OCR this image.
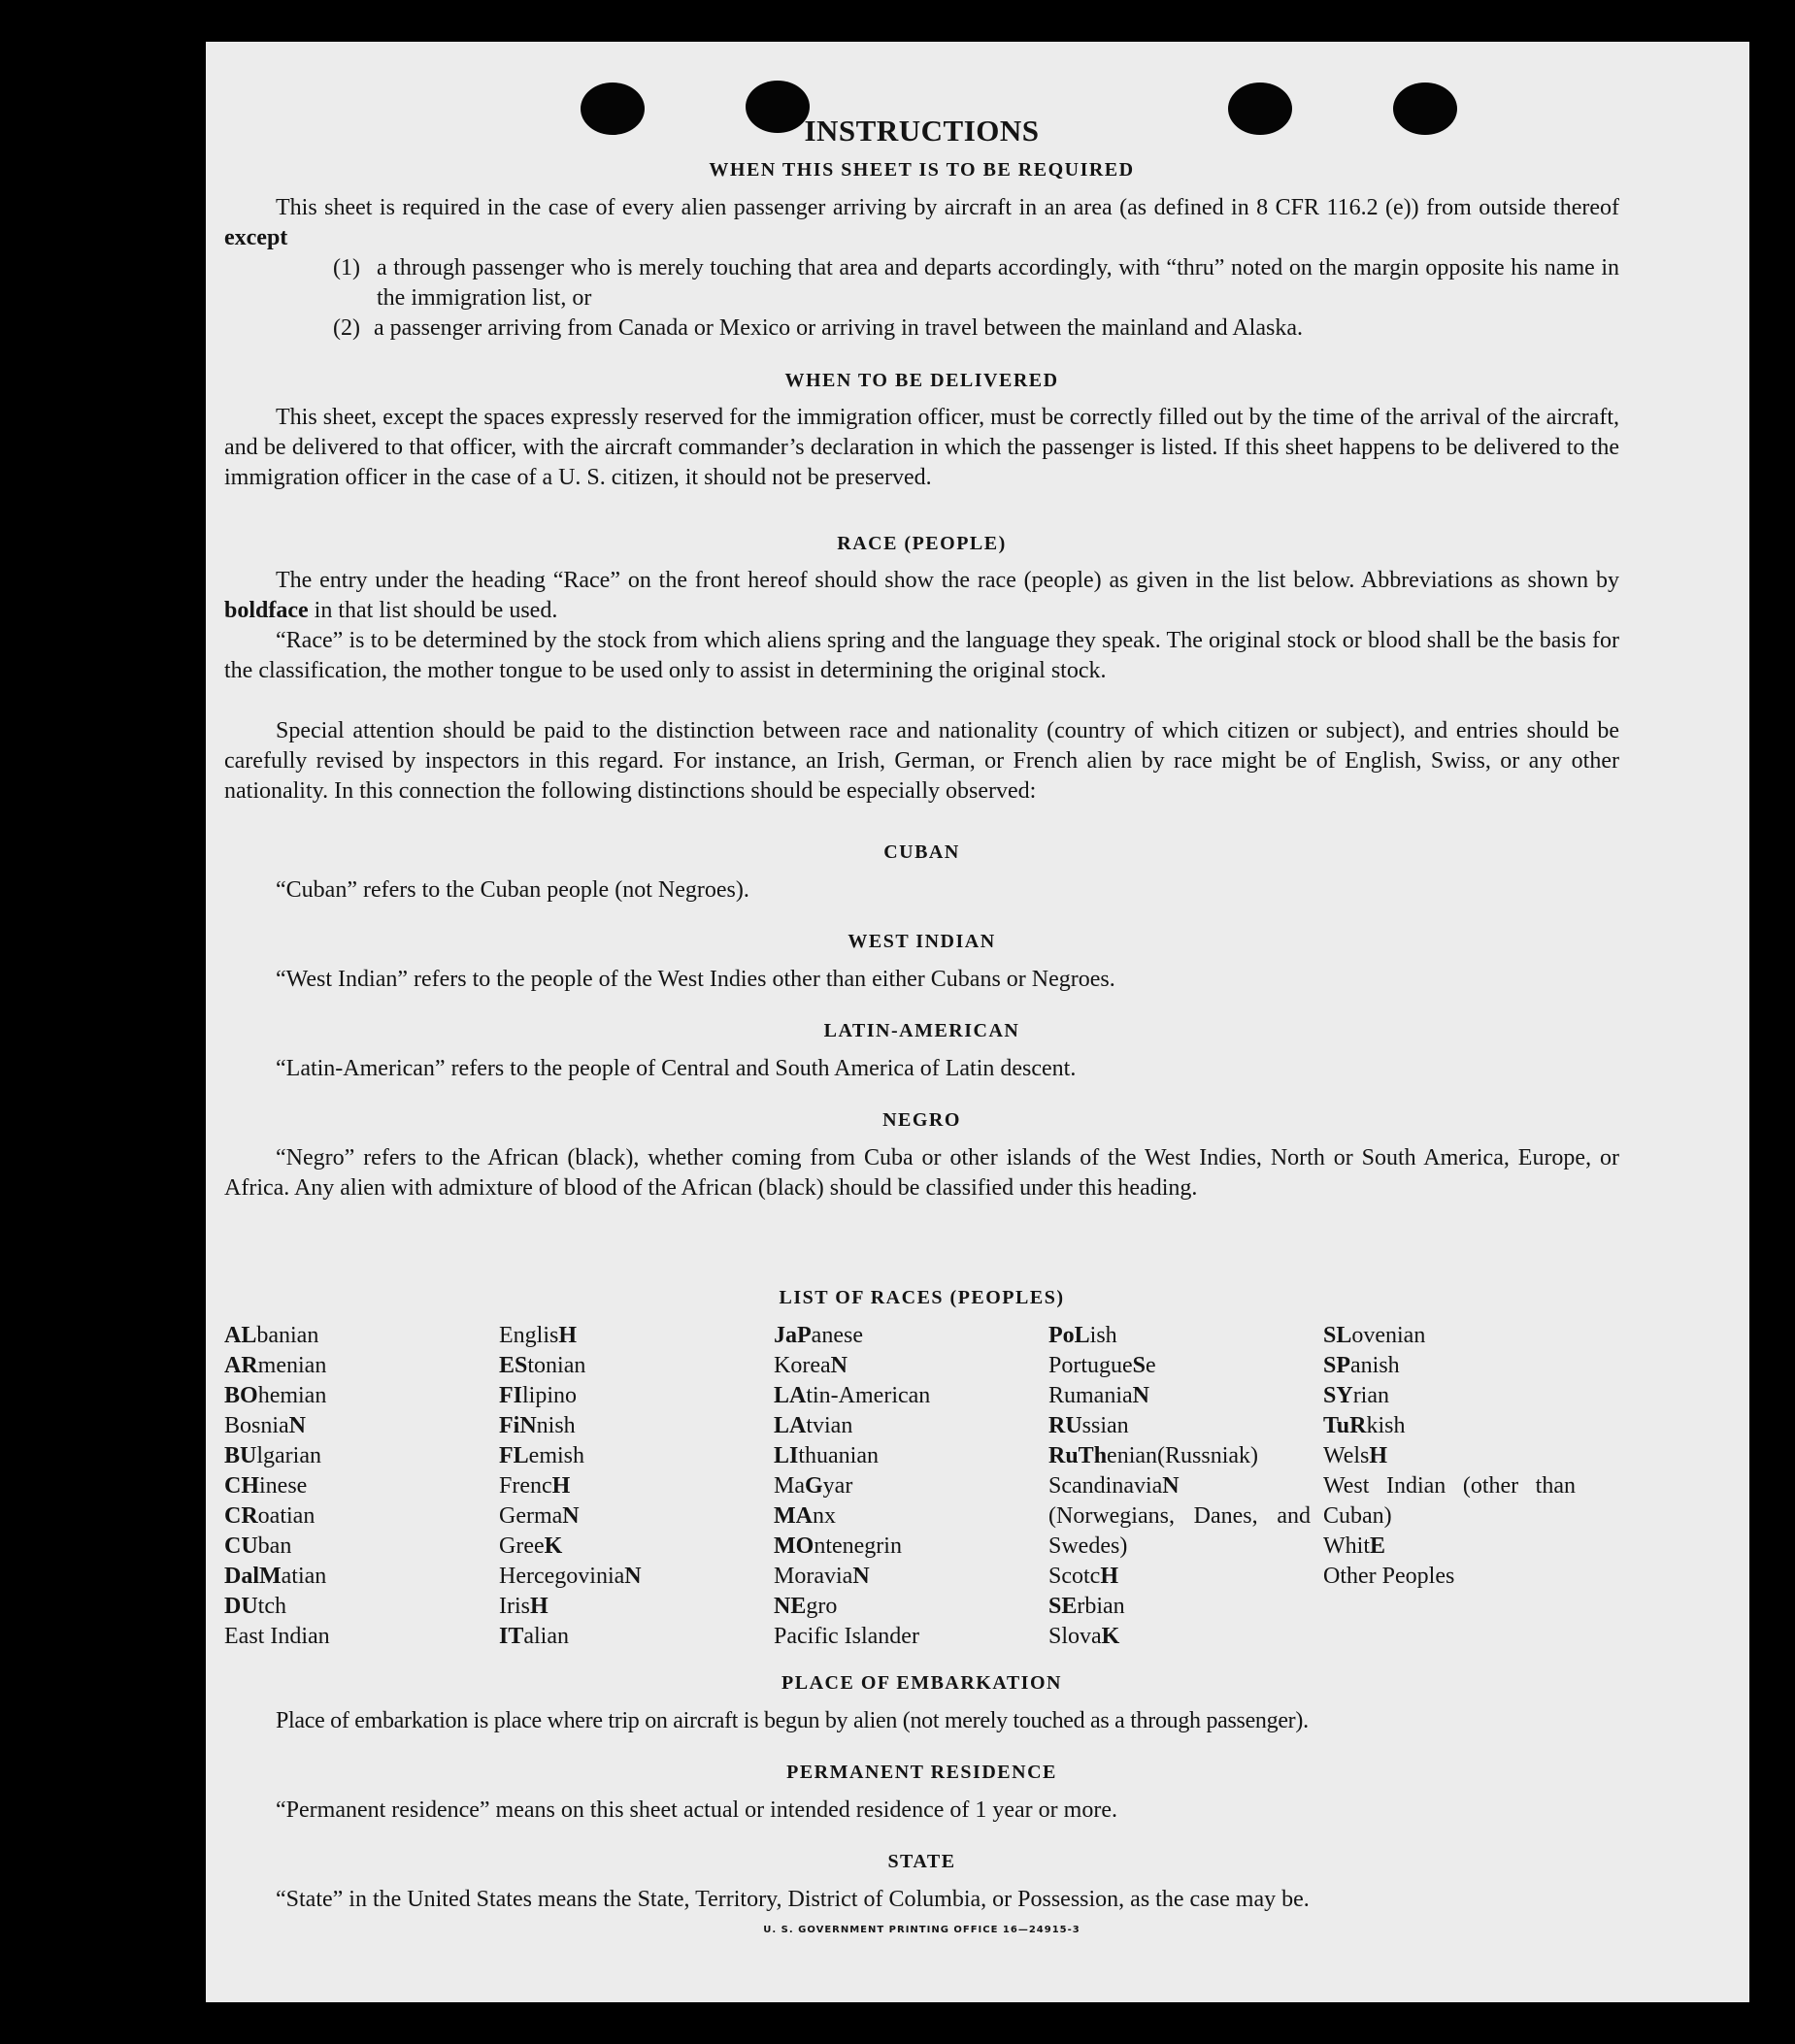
INSTRUCTIONS
WHEN THIS SHEET IS TO BE REQUIRED
This sheet is required in the case of every alien passenger arriving by aircraft in an area (as defined in 8 CFR 116.2 (e)) from outside thereof except
(1) a through passenger who is merely touching that area and departs accordingly, with “thru” noted on the margin opposite his name in the immigration list, or
(2) a passenger arriving from Canada or Mexico or arriving in travel between the mainland and Alaska.
WHEN TO BE DELIVERED
This sheet, except the spaces expressly reserved for the immigration officer, must be correctly filled out by the time of the arrival of the aircraft, and be delivered to that officer, with the aircraft commander’s declaration in which the passenger is listed. If this sheet happens to be delivered to the immigration officer in the case of a U. S. citizen, it should not be preserved.
RACE (PEOPLE)
The entry under the heading “Race” on the front hereof should show the race (people) as given in the list below. Abbreviations as shown by boldface in that list should be used.
“Race” is to be determined by the stock from which aliens spring and the language they speak. The original stock or blood shall be the basis for the classification, the mother tongue to be used only to assist in determining the original stock.
Special attention should be paid to the distinction between race and nationality (country of which citizen or subject), and entries should be carefully revised by inspectors in this regard. For instance, an Irish, German, or French alien by race might be of English, Swiss, or any other nationality. In this connection the following distinctions should be especially observed:
CUBAN
“Cuban” refers to the Cuban people (not Negroes).
WEST INDIAN
“West Indian” refers to the people of the West Indies other than either Cubans or Negroes.
LATIN-AMERICAN
“Latin-American” refers to the people of Central and South America of Latin descent.
NEGRO
“Negro” refers to the African (black), whether coming from Cuba or other islands of the West Indies, North or South America, Europe, or Africa. Any alien with admixture of blood of the African (black) should be classified under this heading.
LIST OF RACES (PEOPLES)
ALbanian
ARmenian
BOhemian
BosniaN
BUlgarian
CHinese
CRoatian
CUban
DalMatian
DUtch
East Indian
EnglisH
EStonian
FIlipino
FiNnish
FLemish
FrencH
GermaN
GreeK
HercegoviniaN
IrisH
ITalian
JaPanese
KoreaN
LAtin-American
LAtvian
LIthuanian
MaGyar
MAnx
MOntenegrin
MoraviaN
NEgro
Pacific Islander
PoLish
PortugueSe
RumaniaN
RUssian
RuThenian(Russniak)
ScandinaviaN (Norwegians, Danes, and Swedes)
ScotcH
SErbian
SlovaK
SLovenian
SPanish
SYrian
TuRkish
WelsH
West Indian (other than Cuban)
WhitE
Other Peoples
PLACE OF EMBARKATION
Place of embarkation is place where trip on aircraft is begun by alien (not merely touched as a through passenger).
PERMANENT RESIDENCE
“Permanent residence” means on this sheet actual or intended residence of 1 year or more.
STATE
“State” in the United States means the State, Territory, District of Columbia, or Possession, as the case may be.
U. S. GOVERNMENT PRINTING OFFICE 16—24915-3
